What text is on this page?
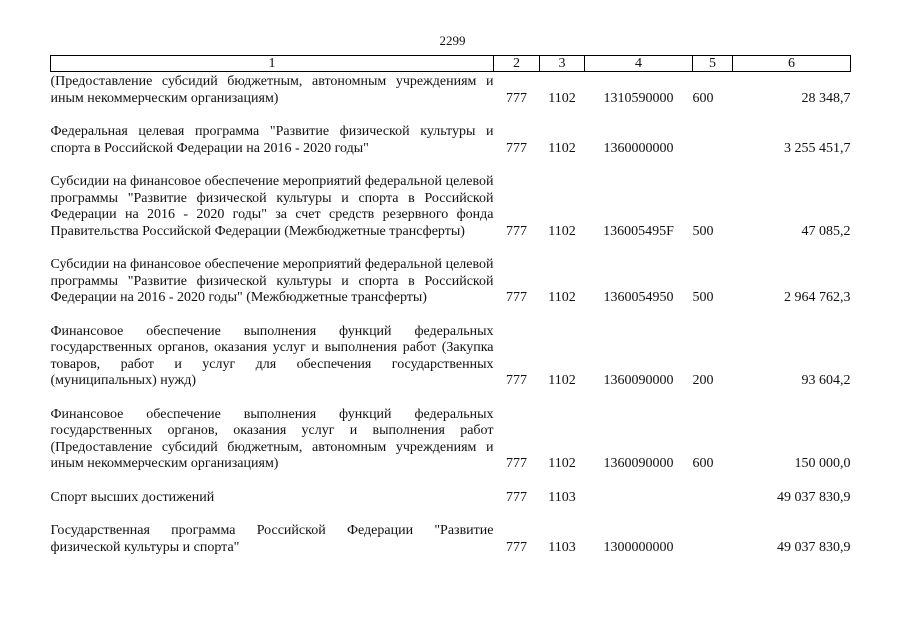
2299
1	2	3	4	5	6
(Предоставление субсидий бюджетным, автономным учреждениям и иным некоммерческим организациям)	777	1102	1310590000	600	28 348,7

Федеральная целевая программа "Развитие физической культуры и спорта в Российской Федерации на 2016 - 2020 годы"	777	1102	1360000000		3 255 451,7

Субсидии на финансовое обеспечение мероприятий федеральной целевой программы "Развитие физической культуры и спорта в Российской Федерации на 2016 - 2020 годы" за счет средств резервного фонда Правительства Российской Федерации (Межбюджетные трансферты)	777	1102	136005495F	500	47 085,2

Субсидии на финансовое обеспечение мероприятий федеральной целевой программы "Развитие физической культуры и спорта в Российской Федерации на 2016 - 2020 годы" (Межбюджетные трансферты)	777	1102	1360054950	500	2 964 762,3

Финансовое обеспечение выполнения функций федеральных государственных органов, оказания услуг и выполнения работ (Закупка товаров, работ и услуг для обеспечения государственных (муниципальных) нужд)	777	1102	1360090000	200	93 604,2

Финансовое обеспечение выполнения функций федеральных государственных органов, оказания услуг и выполнения работ (Предоставление субсидий бюджетным, автономным учреждениям и иным некоммерческим организациям)	777	1102	1360090000	600	150 000,0

Спорт высших достижений	777	1103			49 037 830,9

Государственная программа Российской Федерации "Развитие физической культуры и спорта"	777	1103	1300000000		49 037 830,9
